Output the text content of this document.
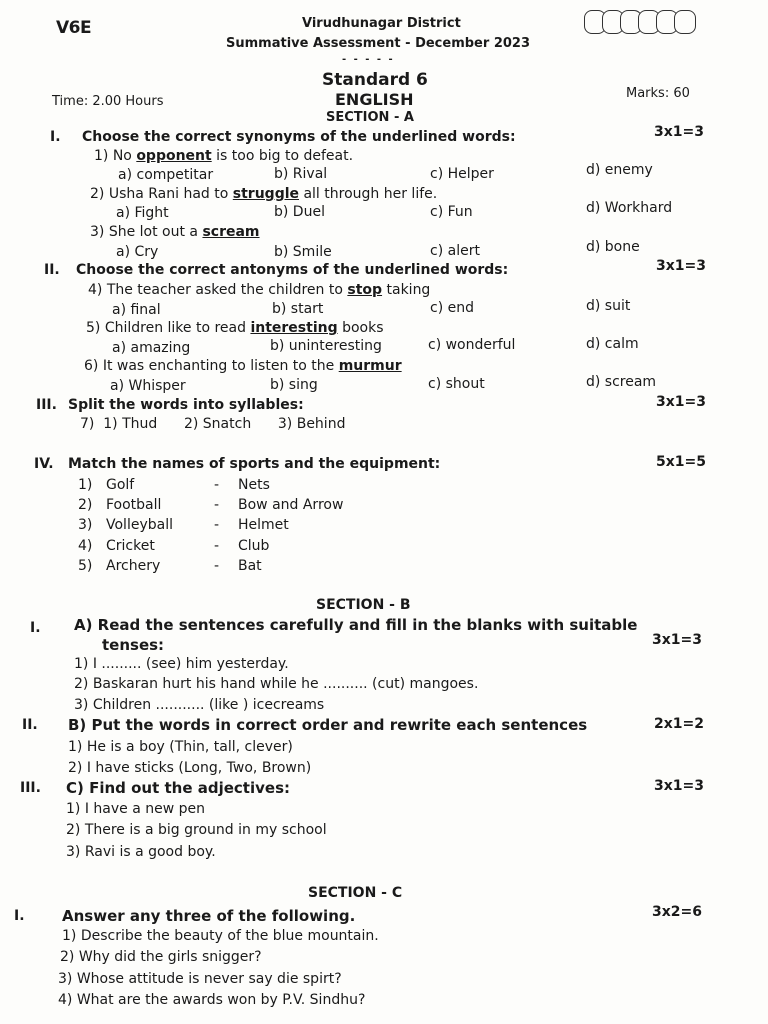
V6E	Virudhunagar District
Summative Assessment - December 2023
- - - - -
Standard 6
Time: 2.00 Hours	ENGLISH	Marks: 60
SECTION - A
I. Choose the correct synonyms of the underlined words:	3x1=3
1) No opponent is too big to defeat.
a) competitar	b) Rival	c) Helper	d) enemy
2) Usha Rani had to struggle all through her life.
a) Fight	b) Duel	c) Fun	d) Workhard
3) She lot out a scream
a) Cry	b) Smile	c) alert	d) bone
II. Choose the correct antonyms of the underlined words:	3x1=3
4) The teacher asked the children to stop taking
a) final	b) start	c) end	d) suit
5) Children like to read interesting books
a) amazing	b) uninteresting	c) wonderful	d) calm
6) It was enchanting to listen to the murmur
a) Whisper	b) sing	c) shout	d) scream
III. Split the words into syllables:	3x1=3
7)  1) Thud      2) Snatch      3) Behind
IV. Match the names of sports and the equipment:	5x1=5
1) Golf	- Nets
2) Football	- Bow and Arrow
3) Volleyball	- Helmet
4) Cricket	- Club
5) Archery	- Bat
SECTION - B
I. A) Read the sentences carefully and fill in the blanks with suitable
tenses:	3x1=3
1) I ......... (see) him yesterday.
2) Baskaran hurt his hand while he .......... (cut) mangoes.
3) Children ........... (like ) icecreams
II. B) Put the words in correct order and rewrite each sentences	2x1=2
1) He is a boy (Thin, tall, clever)
2) I have sticks (Long, Two, Brown)
III. C) Find out the adjectives:	3x1=3
1) I have a new pen
2) There is a big ground in my school
3) Ravi is a good boy.
SECTION - C
I. Answer any three of the following.	3x2=6
1) Describe the beauty of the blue mountain.
2) Why did the girls snigger?
3) Whose attitude is never say die spirt?
4) What are the awards won by P.V. Sindhu?
